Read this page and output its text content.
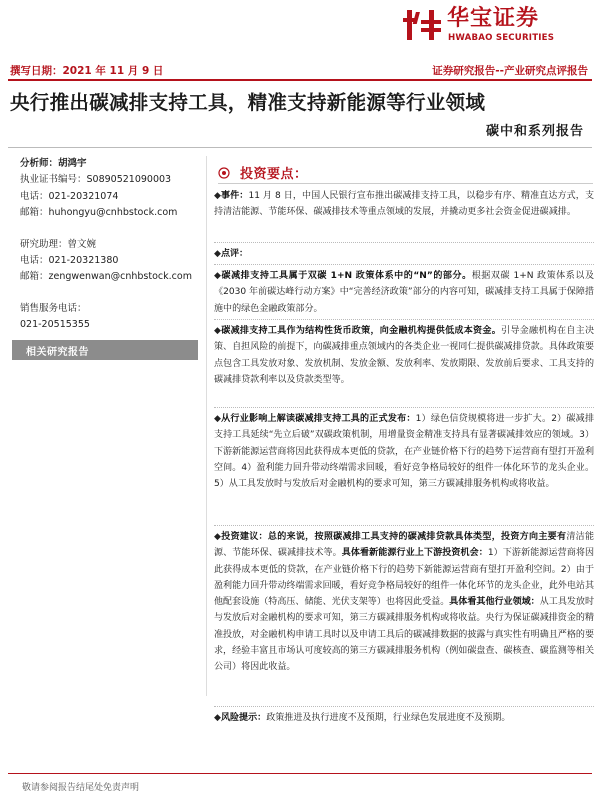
华宝证券
HWABAO SECURITIES
撰写日期：2021 年 11 月 9 日	证券研究报告--产业研究点评报告
央行推出碳减排支持工具，精准支持新能源等行业领域
碳中和系列报告
分析师：胡鸿宇
执业证书编号：S0890521090003
电话：021-20321074
邮箱：huhongyu@cnhbstock.com
研究助理：曾文婉
电话：021-20321380
邮箱：zengwenwan@cnhbstock.com
销售服务电话：
021-20515355
相关研究报告
投资要点：
◆事件：11 月 8 日，中国人民银行宣布推出碳减排支持工具，以稳步有序、精准直达方式，支持清洁能源、节能环保、碳减排技术等重点领域的发展，并撬动更多社会资金促进碳减排。
◆点评：
◆碳减排支持工具属于双碳 1+N 政策体系中的“N”的部分。根据双碳 1+N 政策体系以及《2030 年前碳达峰行动方案》中“完善经济政策”部分的内容可知，碳减排支持工具属于保障措施中的绿色金融政策部分。
◆碳减排支持工具作为结构性货币政策，向金融机构提供低成本资金。引导金融机构在自主决策、自担风险的前提下，向碳减排重点领域内的各类企业一视同仁提供碳减排贷款。具体政策要点包含工具发放对象、发放机制、发放金额、发放利率、发放期限、发放前后要求、工具支持的碳减排贷款利率以及贷款类型等。
◆从行业影响上解读碳减排支持工具的正式发布：1）绿色信贷规模将进一步扩大。2）碳减排支持工具延续“先立后破”双碳政策机制，用增量资金精准支持具有显著碳减排效应的领域。3）下游新能源运营商将因此获得成本更低的贷款，在产业链价格下行的趋势下运营商有望打开盈利空间。4）盈利能力回升带动终端需求回暖，看好竞争格局较好的组件一体化环节的龙头企业。5）从工具发放时与发放后对金融机构的要求可知，第三方碳减排服务机构或将收益。
◆投资建议：总的来说，按照碳减排工具支持的碳减排贷款具体类型，投资方向主要有清洁能源、节能环保、碳减排技术等。具体看新能源行业上下游投资机会：1）下游新能源运营商将因此获得成本更低的贷款，在产业链价格下行的趋势下新能源运营商有望打开盈利空间。2）由于盈利能力回升带动终端需求回暖，看好竞争格局较好的组件一体化环节的龙头企业，此外电站其他配套设施（特高压、储能、光伏支架等）也将因此受益。具体看其他行业领域：从工具发放时与发放后对金融机构的要求可知，第三方碳减排服务机构或将收益。央行为保证碳减排资金的精准投放，对金融机构申请工具时以及申请工具后的碳减排数据的披露与真实性有明确且严格的要求，经验丰富且市场认可度较高的第三方碳减排服务机构（例如碳盘查、碳核查、碳监测等相关公司）将因此收益。
◆风险提示：政策推进及执行进度不及预期，行业绿色发展进度不及预期。
敬请参阅报告结尾处免责声明
